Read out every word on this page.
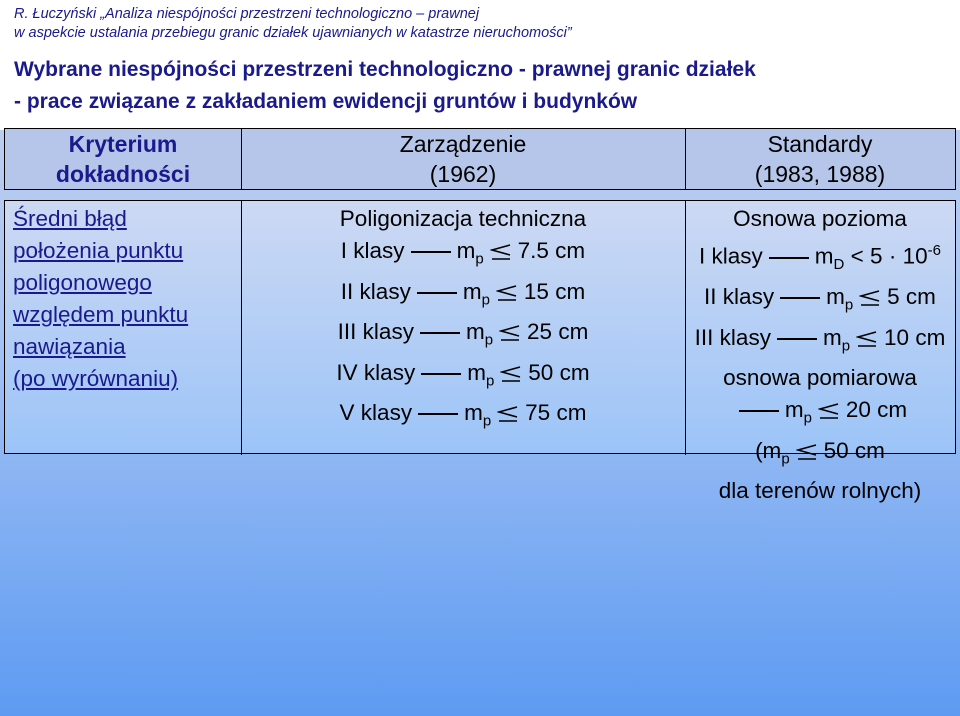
R. Łuczyński „Analiza niespójności przestrzeni technologiczno – prawnej
w aspekcie ustalania przebiegu granic działek ujawnianych w katastrze nieruchomości”
Wybrane niespójności przestrzeni technologiczno - prawnej granic działek
- prace związane z zakładaniem ewidencji gruntów i budynków
Kryterium
dokładności
Zarządzenie
(1962)
Standardy
(1983, 1988)
Średni błąd
położenia punktu
poligonowego
względem punktu
nawiązania
(po wyrównaniu)
Poligonizacja techniczna
I klasy $m_p$ 7.5 cm
II klasy $m_p$ 15 cm
III klasy $m_p$ 25 cm
IV klasy $m_p$ 50 cm
V klasy $m_p$ 75 cm
Osnowa pozioma
I klasy $m_D < 5 \cdot 10^{-6}$
II klasy $m_p$ 5 cm
III klasy $m_p$ 10 cm
osnowa pomiarowa
$m_p$ 20 cm
($m_p$ 50 cm
dla terenów rolnych)
